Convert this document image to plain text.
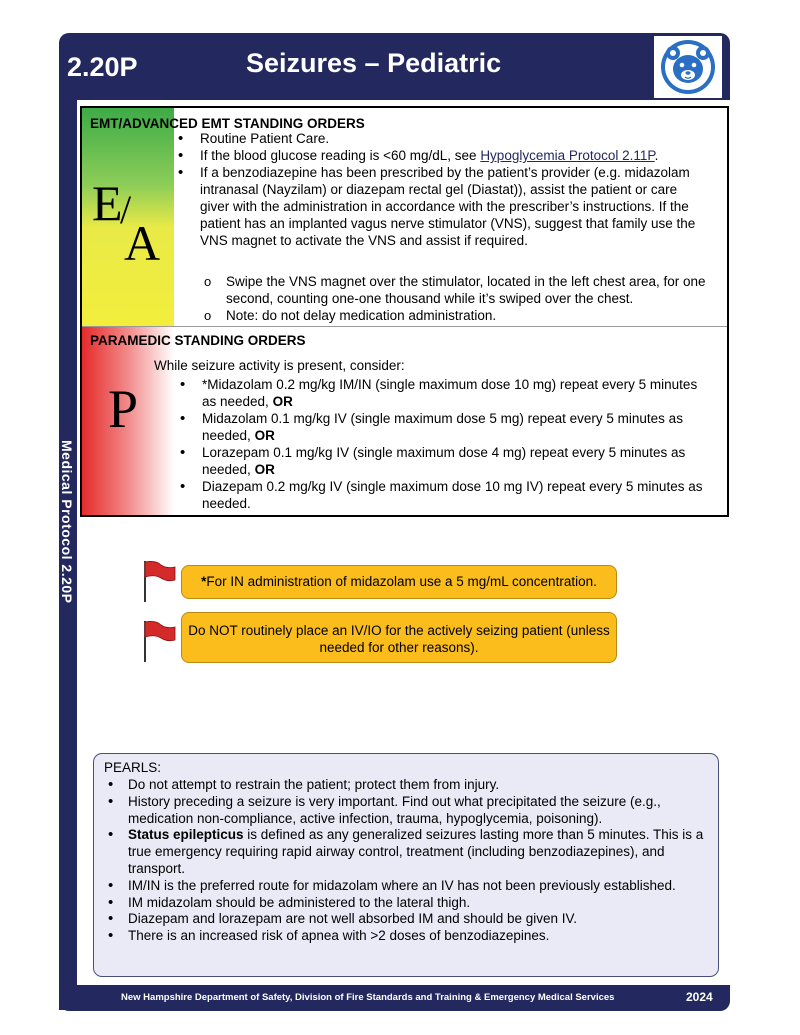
2.20P	Seizures – Pediatric
Medical Protocol 2.20P
E
/
A
P
EMT/ADVANCED EMT STANDING ORDERS
• Routine Patient Care.
• If the blood glucose reading is <60 mg/dL, see Hypoglycemia Protocol 2.11P.
• If a benzodiazepine has been prescribed by the patient’s provider (e.g. midazolam intranasal (Nayzilam) or diazepam rectal gel (Diastat)), assist the patient or care giver with the administration in accordance with the prescriber’s instructions. If the patient has an implanted vagus nerve stimulator (VNS), suggest that family use the VNS magnet to activate the VNS and assist if required.
o Swipe the VNS magnet over the stimulator, located in the left chest area, for one second, counting one-one thousand while it’s swiped over the chest.
o Note: do not delay medication administration.
PARAMEDIC STANDING ORDERS
While seizure activity is present, consider:
• *Midazolam 0.2 mg/kg IM/IN (single maximum dose 10 mg) repeat every 5 minutes as needed, OR
• Midazolam 0.1 mg/kg IV (single maximum dose 5 mg) repeat every 5 minutes as needed, OR
• Lorazepam 0.1 mg/kg IV (single maximum dose 4 mg) repeat every 5 minutes as needed, OR
• Diazepam 0.2 mg/kg IV (single maximum dose 10 mg IV) repeat every 5 minutes as needed.
*For IN administration of midazolam use a 5 mg/mL concentration.
Do NOT routinely place an IV/IO for the actively seizing patient (unless needed for other reasons).
PEARLS:
• Do not attempt to restrain the patient; protect them from injury.
• History preceding a seizure is very important. Find out what precipitated the seizure (e.g., medication non-compliance, active infection, trauma, hypoglycemia, poisoning).
• Status epilepticus is defined as any generalized seizures lasting more than 5 minutes. This is a true emergency requiring rapid airway control, treatment (including benzodiazepines), and transport.
• IM/IN is the preferred route for midazolam where an IV has not been previously established.
• IM midazolam should be administered to the lateral thigh.
• Diazepam and lorazepam are not well absorbed IM and should be given IV.
• There is an increased risk of apnea with >2 doses of benzodiazepines.
New Hampshire Department of Safety, Division of Fire Standards and Training & Emergency Medical Services	2024
